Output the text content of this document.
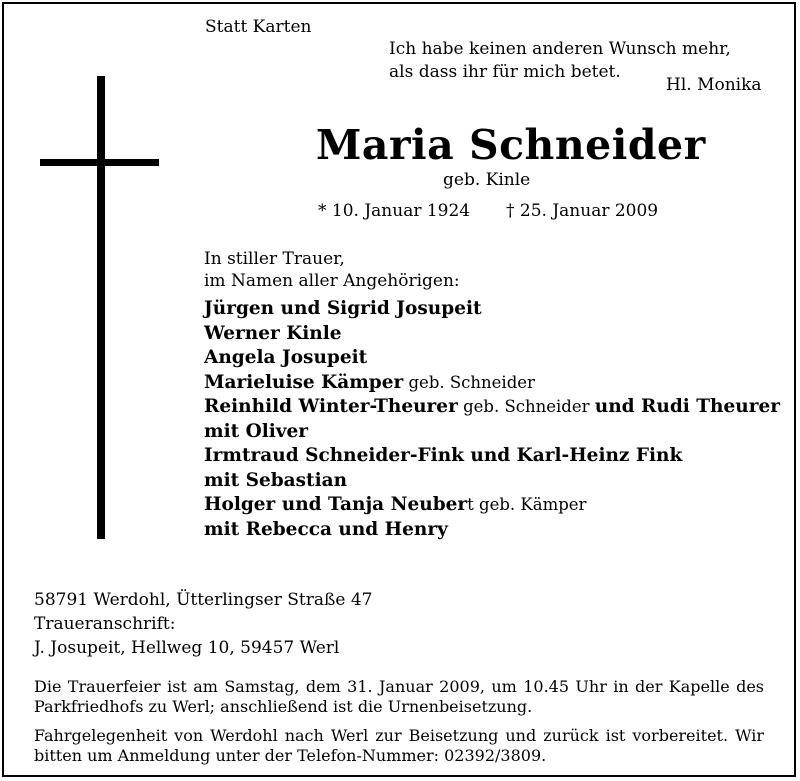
Statt Karten
Ich habe keinen anderen Wunsch mehr,
als dass ihr für mich betet.
Hl. Monika
Maria Schneider
geb. Kinle
* 10. Januar 1924 † 25. Januar 2009
In stiller Trauer,
im Namen aller Angehörigen:
Jürgen und Sigrid Josupeit
Werner Kinle
Angela Josupeit
Marieluise Kämper geb. Schneider
Reinhild Winter-Theurer geb. Schneider und Rudi Theurer
mit Oliver
Irmtraud Schneider-Fink und Karl-Heinz Fink
mit Sebastian
Holger und Tanja Neubert geb. Kämper
mit Rebecca und Henry
58791 Werdohl, Ütterlingser Straße 47
Traueranschrift:
J. Josupeit, Hellweg 10, 59457 Werl
Die Trauerfeier ist am Samstag, dem 31. Januar 2009, um 10.45 Uhr in der Kapelle des Parkfriedhofs zu Werl; anschließend ist die Urnenbeisetzung.
Fahrgelegenheit von Werdohl nach Werl zur Beisetzung und zurück ist vorbereitet. Wir bitten um Anmeldung unter der Telefon-Nummer: 02392/3809.
